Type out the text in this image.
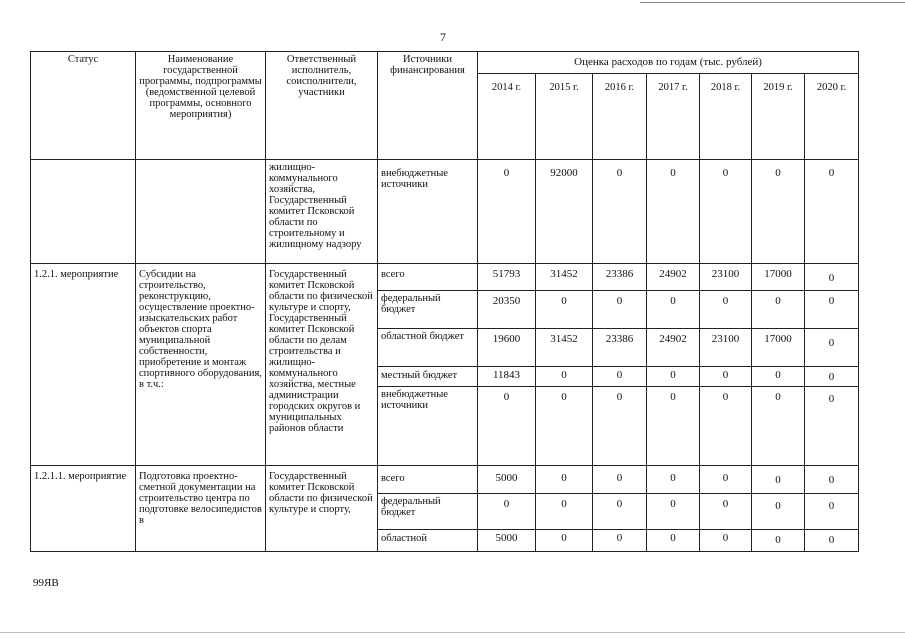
7
Статус	Наименование государственной программы, подпрограммы (ведомственной целевой программы, основного мероприятия)	Ответственный исполнитель, соисполнители, участники	Источники финансирования	Оценка расходов по годам (тыс. рублей)						
				2014 г.	2015 г.	2016 г.	2017 г.	2018 г.	2019 г.	2020 г.
		жилищно-коммунального хозяйства, Государственный комитет Псковской области по строительному и жилищному надзору	внебюджетные источники	0	92000	0	0	0	0	0
1.2.1. мероприятие	Субсидии на строительство, реконструкцию, осуществление проектно-изыскательских работ объектов спорта муниципальной собственности, приобретение и монтаж спортивного оборудования, в т.ч.:	Государственный комитет Псковской области по физической культуре и спорту, Государственный комитет Псковской области по делам строительства и жилищно-коммунального хозяйства, местные администрации городских округов и муниципальных районов области	всего	51793	31452	23386	24902	23100	17000	0
			федеральный бюджет	20350	0	0	0	0	0	0
			областной бюджет	19600	31452	23386	24902	23100	17000	0
			местный бюджет	11843	0	0	0	0	0	0
			внебюджетные источники	0	0	0	0	0	0	0
1.2.1.1. мероприятие	Подготовка проектно-сметной документации на строительство центра по подготовке велосипедистов в	Государственный комитет Псковской области по физической культуре и спорту,	всего	5000	0	0	0	0	0	0
			федеральный бюджет	0	0	0	0	0	0	0
			областной	5000	0	0	0	0	0	0
99ЯВ
